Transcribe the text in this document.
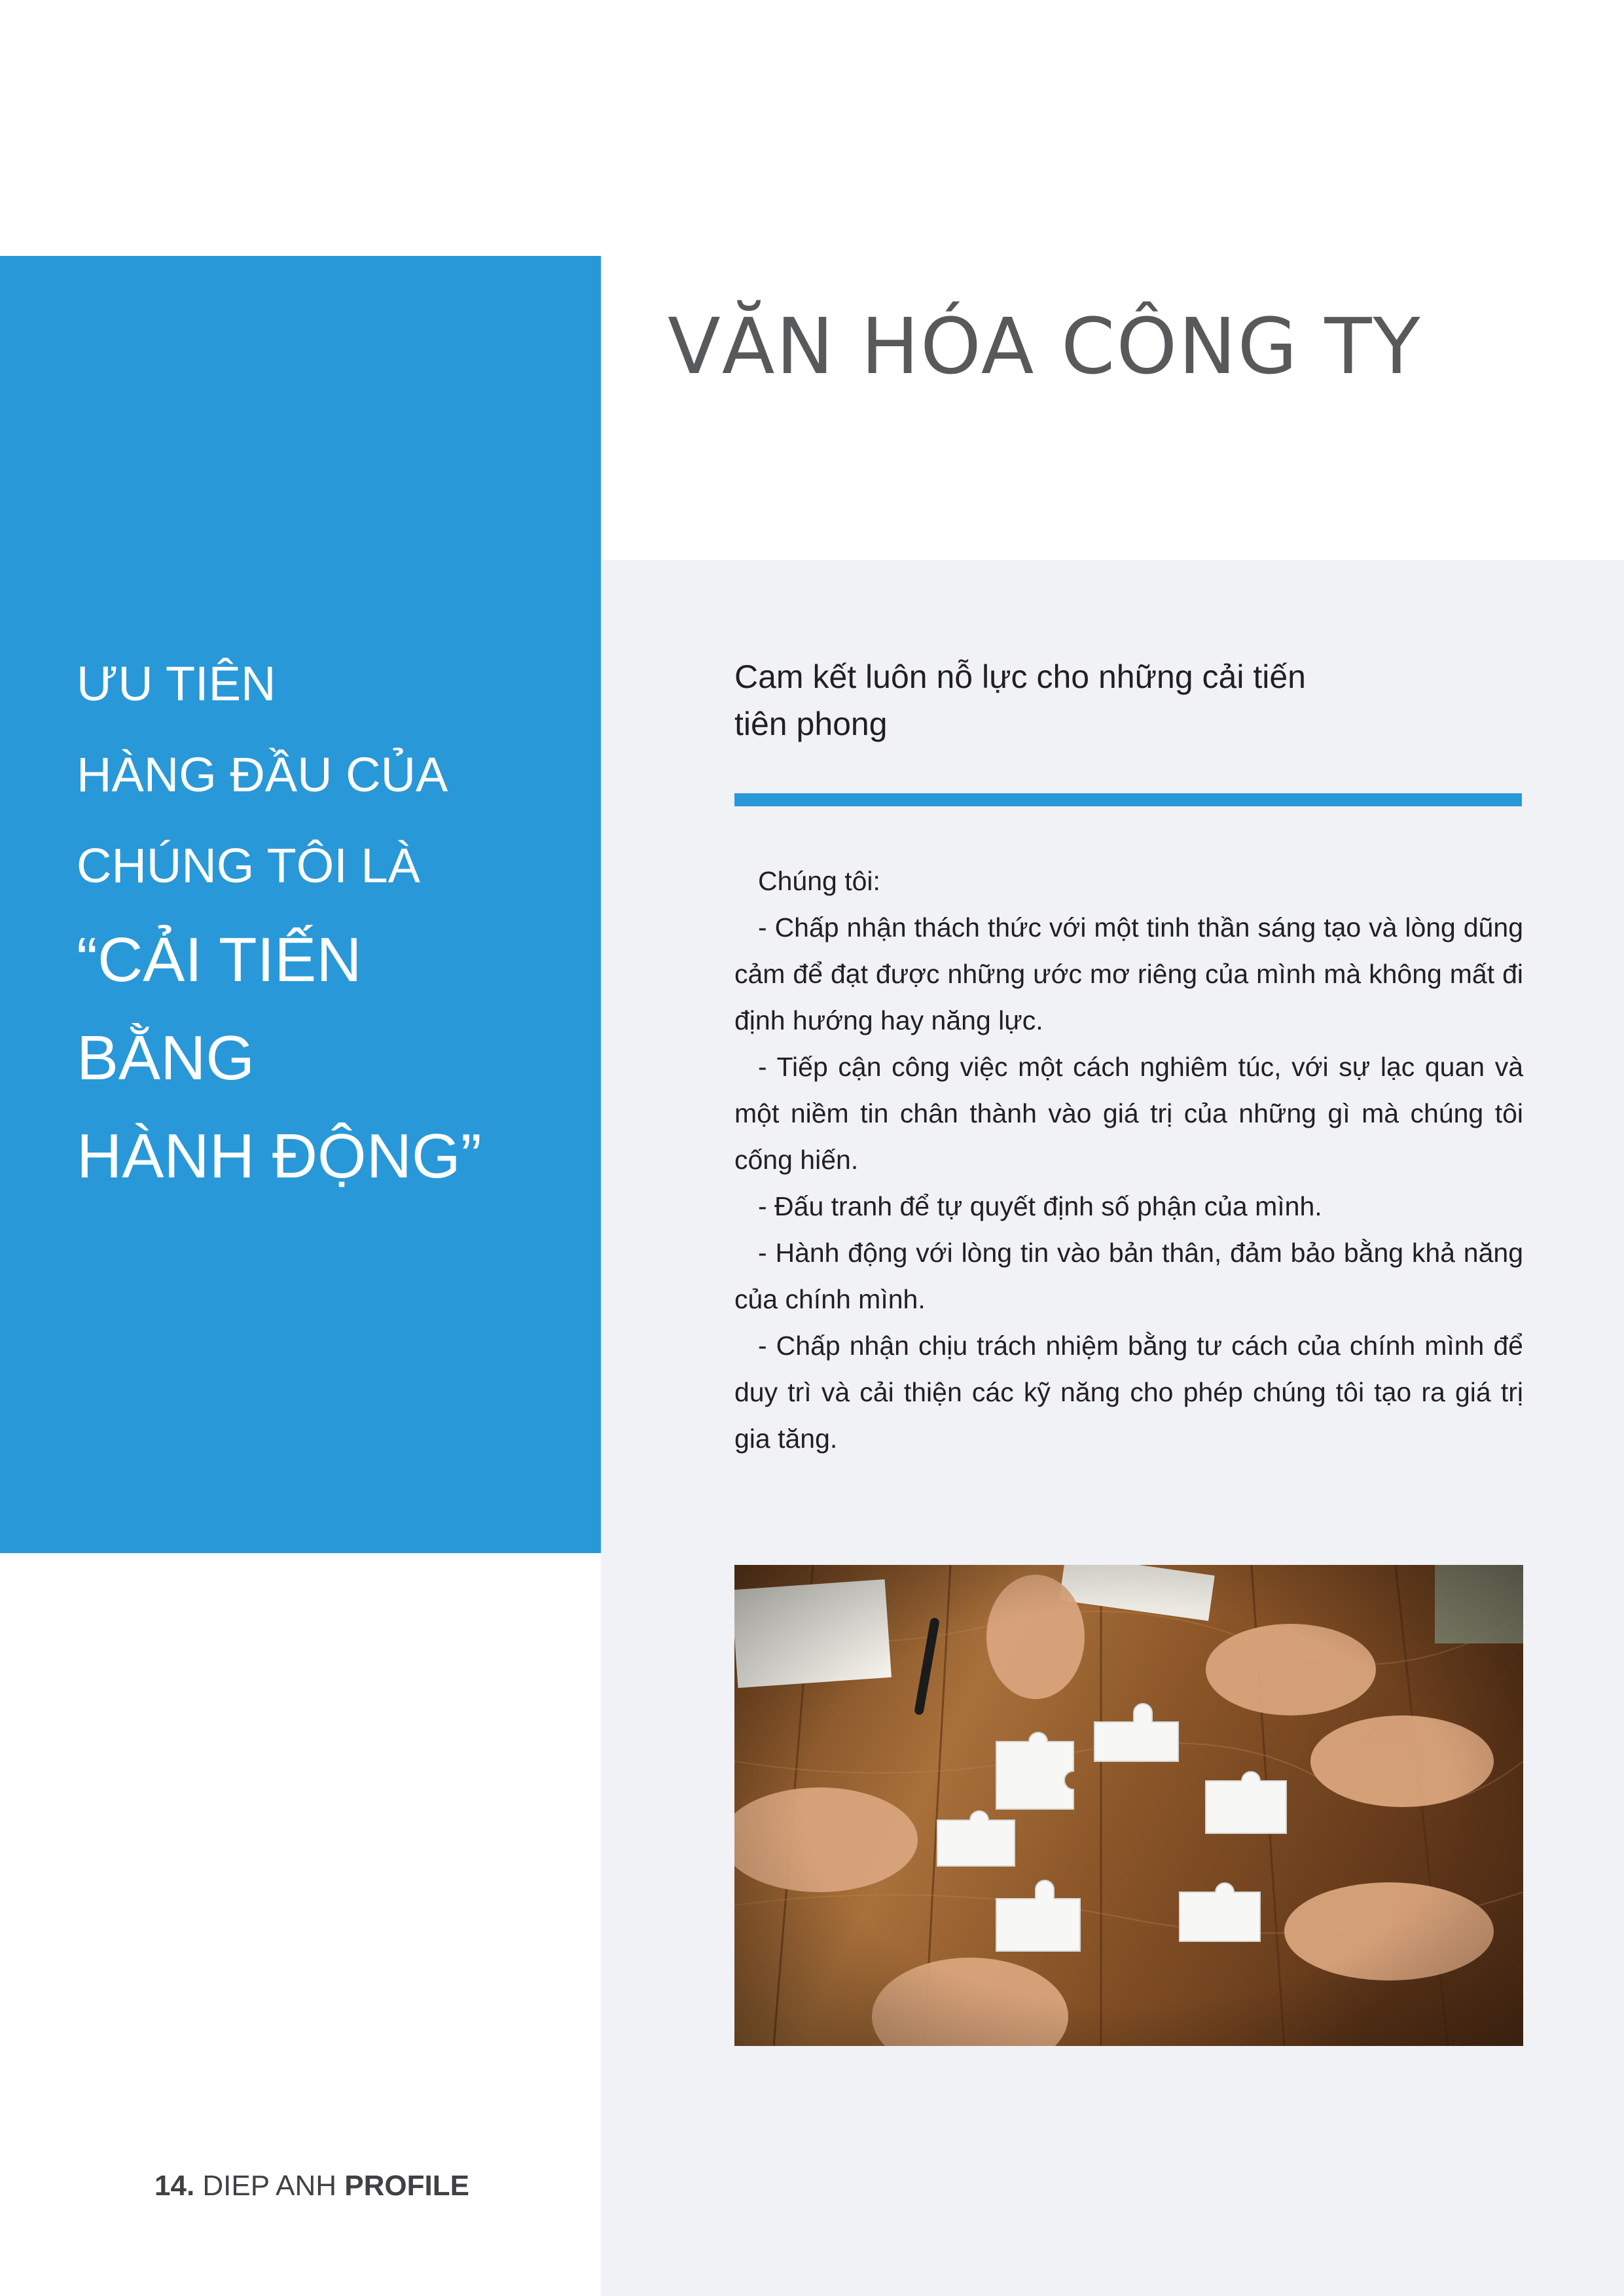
VĂN HÓA CÔNG TY
ƯU TIÊN
HÀNG ĐẦU CỦA
CHÚNG TÔI LÀ
“CẢI TIẾN
BẰNG
HÀNH ĐỘNG”
Cam kết luôn nỗ lực cho những cải tiến
tiên phong

Chúng tôi:

- Chấp nhận thách thức với một tinh thần sáng tạo và lòng dũng cảm để đạt được những ước mơ riêng của mình mà không mất đi định hướng hay năng lực.

- Tiếp cận công việc một cách nghiêm túc, với sự lạc quan và một niềm tin chân thành vào giá trị của những gì mà chúng tôi cống hiến.

- Đấu tranh để tự quyết định số phận của mình.

- Hành động với lòng tin vào bản thân, đảm bảo bằng khả năng của chính mình.

- Chấp nhận chịu trách nhiệm bằng tư cách của chính mình để duy trì và cải thiện các kỹ năng cho phép chúng tôi tạo ra giá trị gia tăng.

14. DIEP ANH PROFILE
